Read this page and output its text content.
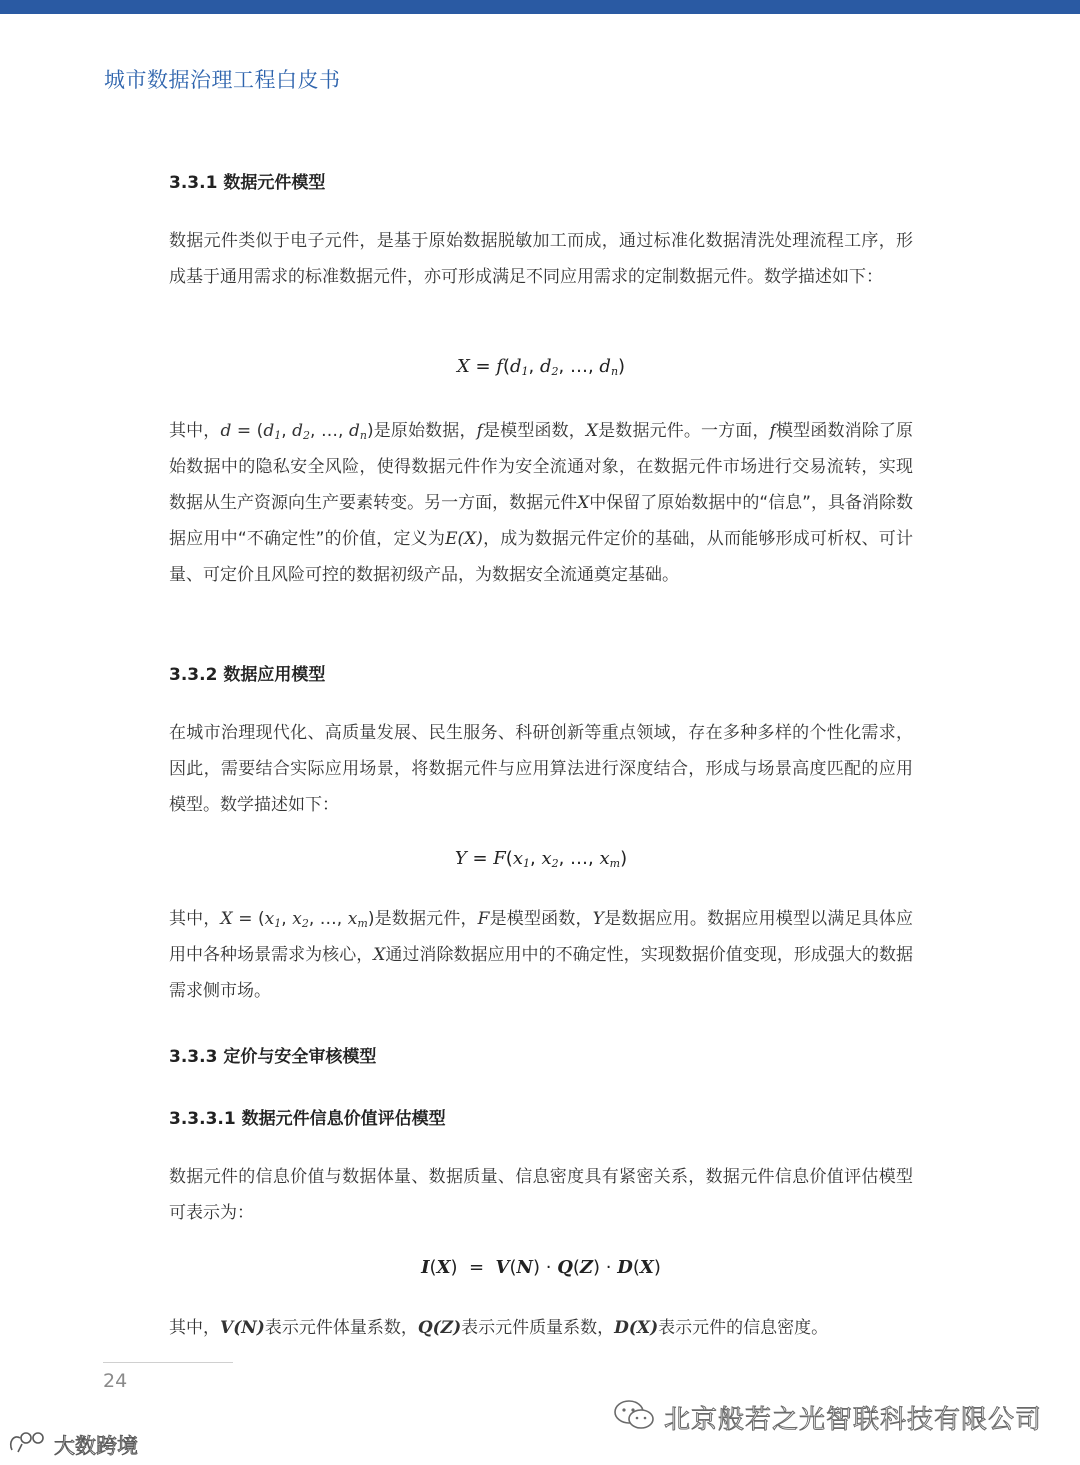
城市数据治理工程白皮书
3.3.1 数据元件模型

数据元件类似于电子元件，是基于原始数据脱敏加工而成，通过标准化数据清洗处理流程工序，形成基于通用需求的标准数据元件，亦可形成满足不同应用需求的定制数据元件。数学描述如下：

$X = f(d_1$, $d_2$, …, $d_n$)

其中，$d = (d_1$, $d_2$, …, $d_n$)是原始数据，f是模型函数，X是数据元件。一方面，f模型函数消除了原始数据中的隐私安全风险，使得数据元件作为安全流通对象，在数据元件市场进行交易流转，实现数据从生产资源向生产要素转变。另一方面，数据元件X中保留了原始数据中的“信息”，具备消除数据应用中“不确定性”的价值，定义为E(X)，成为数据元件定价的基础，从而能够形成可析权、可计量、可定价且风险可控的数据初级产品，为数据安全流通奠定基础。

3.3.2 数据应用模型

在城市治理现代化、高质量发展、民生服务、科研创新等重点领域，存在多种多样的个性化需求，因此，需要结合实际应用场景，将数据元件与应用算法进行深度结合，形成与场景高度匹配的应用模型。数学描述如下：

$Y = F(x_1$, $x_2$, …, $x_m$)

其中，$X = (x_1$, $x_2$, …, $x_m$)是数据元件，F是模型函数，Y是数据应用。数据应用模型以满足具体应用中各种场景需求为核心，X通过消除数据应用中的不确定性，实现数据价值变现，形成强大的数据需求侧市场。

3.3.3 定价与安全审核模型
3.3.3.1 数据元件信息价值评估模型

数据元件的信息价值与数据体量、数据质量、信息密度具有紧密关系，数据元件信息价值评估模型可表示为：

I(X)  =  V(N) · Q(Z) · D(X)

其中，V(N)表示元件体量系数，Q(Z)表示元件质量系数，D(X)表示元件的信息密度。

24
北京般若之光智联科技有限公司
大数跨境
